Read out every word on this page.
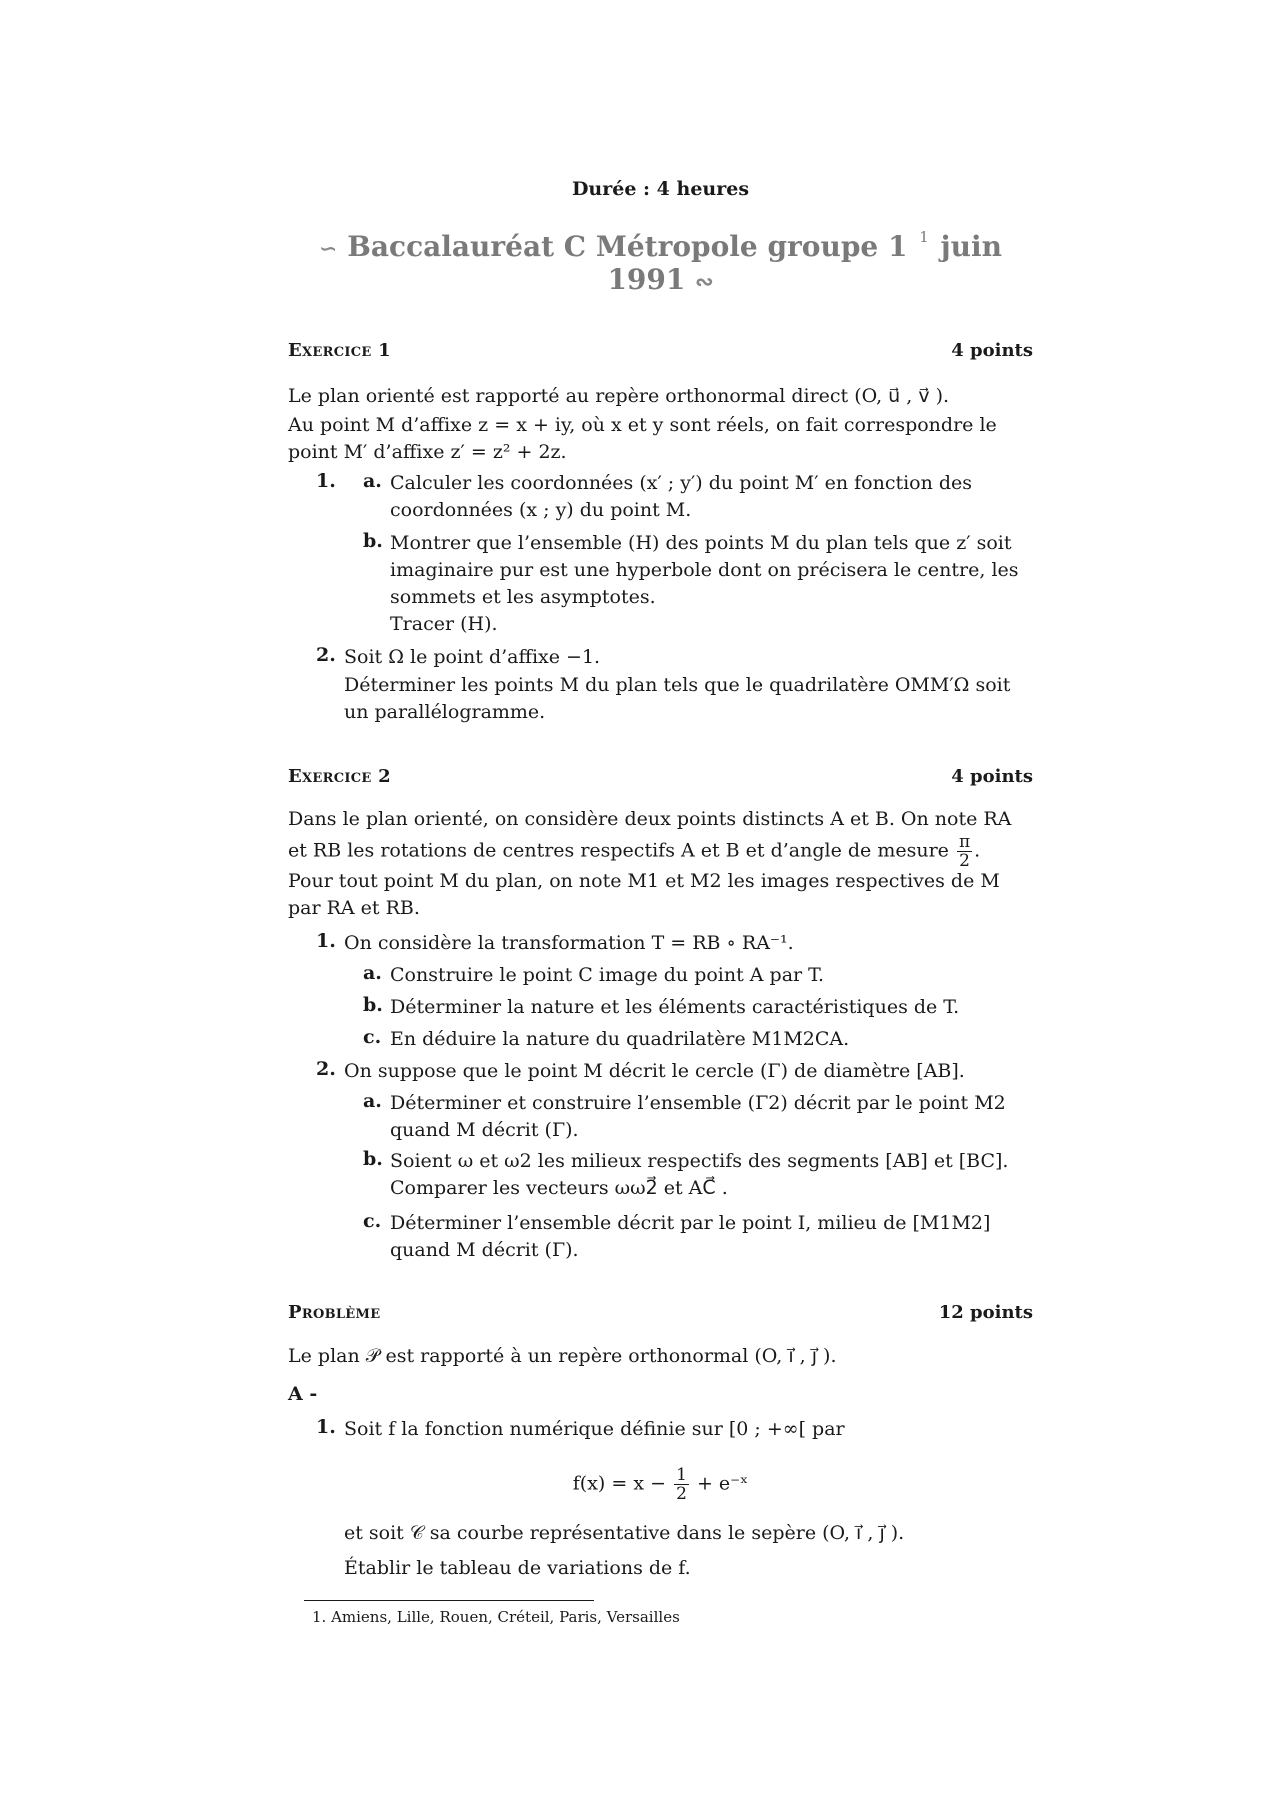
Durée : 4 heures
∽ Baccalauréat C Métropole groupe 1 $^1$ juin 1991 ∾
Exercice 1	4 points
Le plan orienté est rapporté au repère orthonormal direct (O, u⃗ , v⃗ ).
Au point M d’affixe z = x + iy, où x et y sont réels, on fait correspondre le point M′ d’affixe z′ = z² + 2z.
1. a. Calculer les coordonnées (x′ ; y′) du point M′ en fonction des coordonnées (x ; y) du point M.
b. Montrer que l’ensemble (H) des points M du plan tels que z′ soit imaginaire pur est une hyperbole dont on précisera le centre, les sommets et les asymptotes.
Tracer (H).
2. Soit Ω le point d’affixe −1.
Déterminer les points M du plan tels que le quadrilatère OMM′Ω soit un parallélogramme.
Exercice 2	4 points
Dans le plan orienté, on considère deux points distincts A et B. On note RA et RB les rotations de centres respectifs A et B et d’angle de mesure $\frac{\pi}{2}$ .
Pour tout point M du plan, on note M1 et M2 les images respectives de M par RA et RB.
1. On considère la transformation T = RB ∘ RA⁻¹.
a. Construire le point C image du point A par T.
b. Déterminer la nature et les éléments caractéristiques de T.
c. En déduire la nature du quadrilatère M1M2CA.
2. On suppose que le point M décrit le cercle (Γ) de diamètre [AB].
a. Déterminer et construire l’ensemble (Γ2) décrit par le point M2 quand M décrit (Γ).
b. Soient ω et ω2 les milieux respectifs des segments [AB] et [BC]. Comparer les vecteurs ωω2⃗ et AC⃗ .
c. Déterminer l’ensemble décrit par le point I, milieu de [M1M2] quand M décrit (Γ).
Problème	12 points
Le plan 𝒫 est rapporté à un repère orthonormal (O, ı⃗ , ȷ⃗ ).
A -
1. Soit f la fonction numérique définie sur [0 ; +∞[ par
$f(x) = x - \frac{1}{2}$ + e⁻ˣ
et soit 𝒞 sa courbe représentative dans le sepère (O, ı⃗ , ȷ⃗ ).
Établir le tableau de variations de f.
1. Amiens, Lille, Rouen, Créteil, Paris, Versailles
